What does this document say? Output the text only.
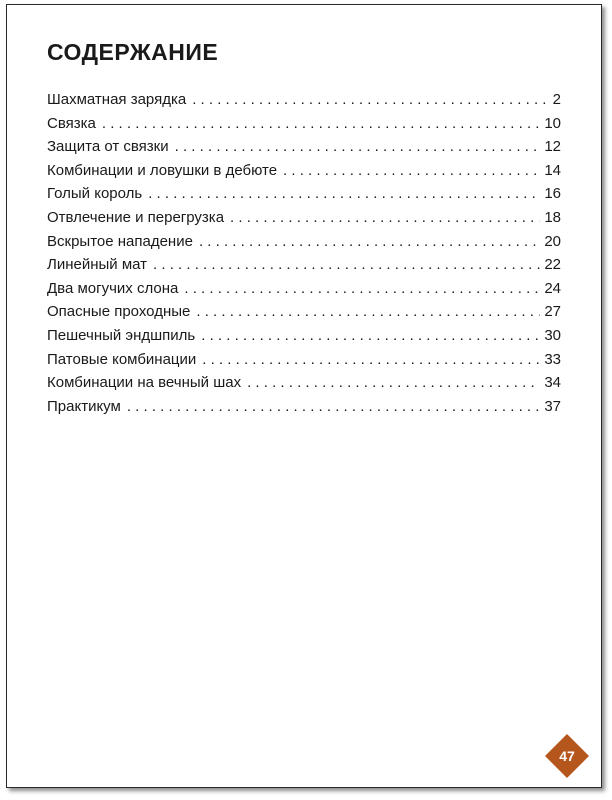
СОДЕРЖАНИЕ
Шахматная зарядка . . .	2
Связка . . .	10
Защита от связки . . .	12
Комбинации и ловушки в дебюте . . .	14
Голый король . . .	16
Отвлечение и перегрузка . . .	18
Вскрытое нападение . . .	20
Линейный мат . . .	22
Два могучих слона . . .	24
Опасные проходные . . .	27
Пешечный эндшпиль . . .	30
Патовые комбинации . . .	33
Комбинации на вечный шах . . .	34
Практикум . . .	37
47
